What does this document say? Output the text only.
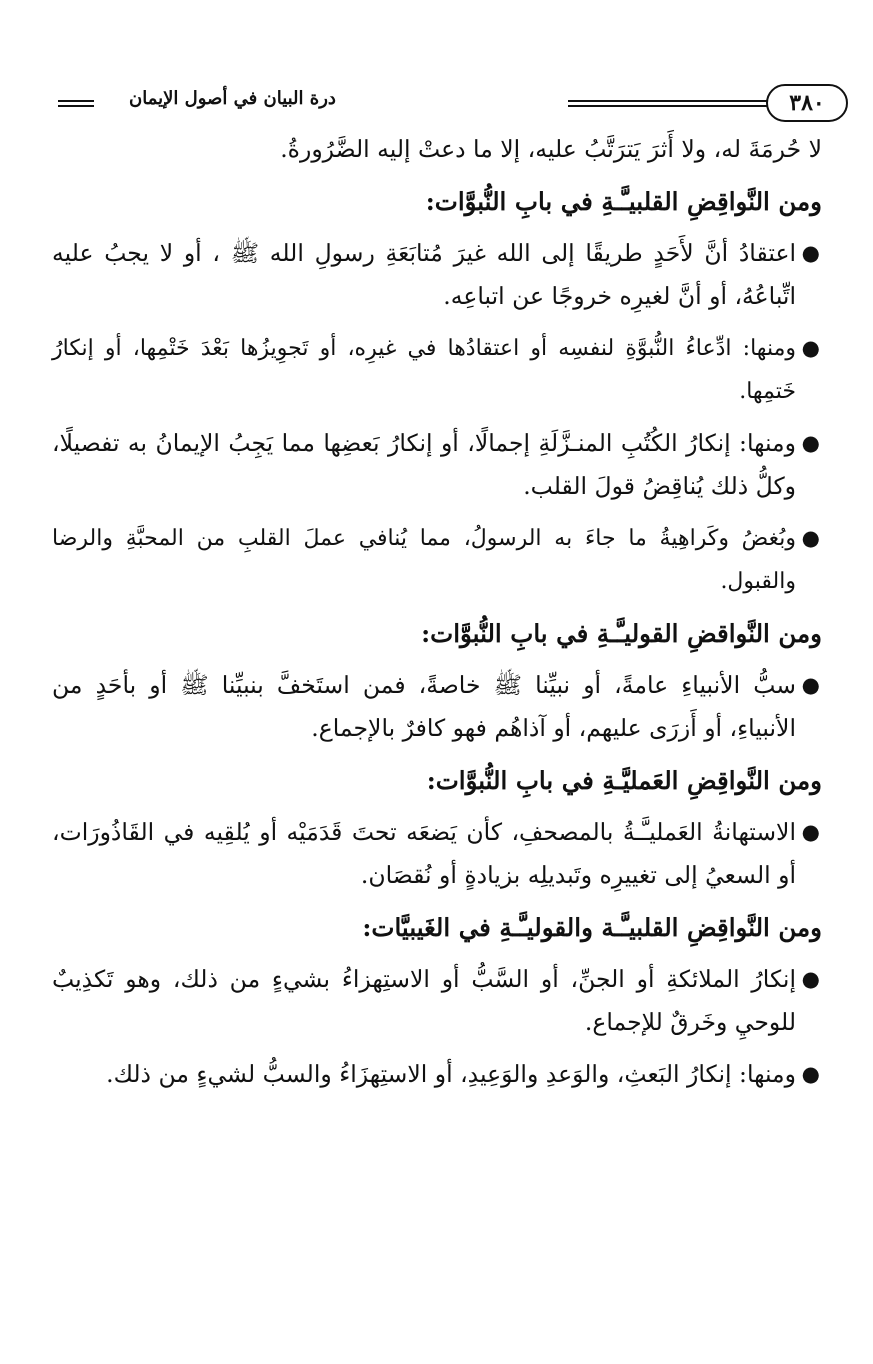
٣٨٠
درة البيان في أصول الإيمان

لا حُرمَةَ له، ولا أَثرَ يَترَتَّبُ عليه، إلا ما دعتْ إليه الضَّرُورةُ.

ومن النَّواقِضِ القلبيـَّـةِ في بابِ النُّبوَّات:

●
اعتقادُ أنَّ لأَحَدٍ طريقًا إلى الله غيرَ مُتابَعَةِ رسولِ الله ﷺ ، أو لا يجبُ عليه اتِّباعُهُ، أو أنَّ لغيرِه خروجًا عن اتباعِه.
●
ومنها: ادِّعاءُ النُّبوَّةِ لنفسِه أو اعتقادُها في غيرِه، أو تَجوِيزُها بَعْدَ خَتْمِها، أو إنكارُ خَتمِها.
●
ومنها: إنكارُ الكُتُبِ المنـزَّلَةِ إجمالًا، أو إنكارُ بَعضِها مما يَجِبُ الإيمانُ به تفصيلًا، وكلُّ ذلك يُناقِضُ قولَ القلب.
●
وبُغضُ وكَراهِيةُ ما جاءَ به الرسولُ، مما يُنافي عملَ القلبِ من المحبَّةِ والرضا والقبول.

ومن النَّواقضِ القوليـَّـةِ في بابِ النُّبوَّات:

●
سبُّ الأنبياءِ عامةً، أو نبيِّنا ﷺ خاصةً، فمن استَخفَّ بنبيِّنا ﷺ أو بأحَدٍ من الأنبياءِ، أو أَزرَى عليهم، أو آذاهُم فهو كافرٌ بالإجماع.

ومن النَّواقِضِ العَمليَّـةِ في بابِ النُّبوَّات:

●
الاستهانةُ العَمليـَّـةُ بالمصحفِ، كأن يَضعَه تحتَ قَدَمَيْه أو يُلقِيه في القَاذُورَات، أو السعيُ إلى تغييرِه وتَبديلِه بزيادةٍ أو نُقصَان.

ومن النَّواقِضِ القلبيـَّـة والقوليـَّـةِ في الغَيبيَّات:

●
إنكارُ الملائكةِ أو الجنِّ، أو السَّبُّ أو الاستِهزاءُ بشيءٍ من ذلك، وهو تَكذِيبٌ للوحيِ وخَرقٌ للإجماع.
●
ومنها: إنكارُ البَعثِ، والوَعدِ والوَعِيدِ، أو الاستِهزَاءُ والسبُّ لشيءٍ من ذلك.
